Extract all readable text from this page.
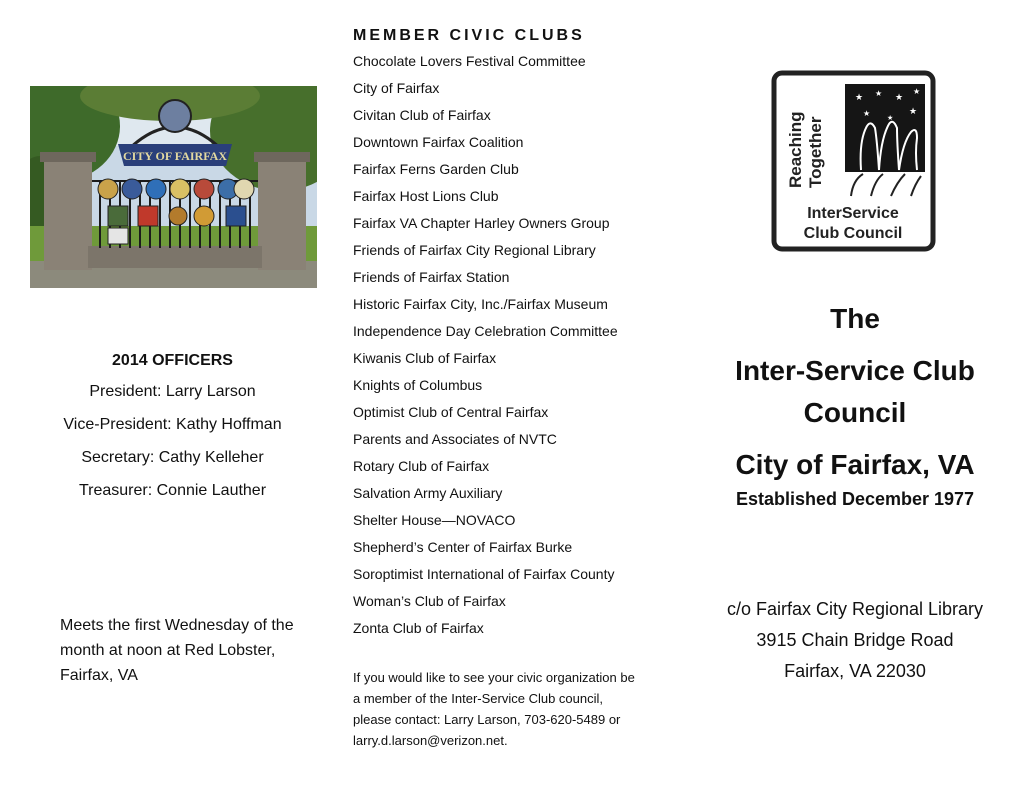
CITY OF FAIRFAX
2014 OFFICERS
President: Larry Larson
Vice-President: Kathy Hoffman
Secretary: Cathy Kelleher
Treasurer: Connie Lauther
Meets the first Wednesday of the
month at noon at Red Lobster,
Fairfax, VA
MEMBER CIVIC CLUBS
Chocolate Lovers Festival Committee
City of Fairfax
Civitan Club of Fairfax
Downtown Fairfax Coalition
Fairfax Ferns Garden Club
Fairfax Host Lions Club
Fairfax VA Chapter Harley Owners Group
Friends of Fairfax City Regional Library
Friends of Fairfax Station
Historic Fairfax City, Inc./Fairfax Museum
Independence Day Celebration Committee
Kiwanis Club of Fairfax
Knights of Columbus
Optimist Club of Central Fairfax
Parents and Associates of NVTC
Rotary Club of Fairfax
Salvation Army Auxiliary
Shelter House—NOVACO
Shepherd’s Center of Fairfax Burke
Soroptimist International of Fairfax County
Woman’s Club of Fairfax
Zonta Club of Fairfax
If you would like to see your civic organization be
a member of the Inter-Service Club council,
please contact: Larry Larson, 703-620-5489 or
larry.d.larson@verizon.net.
★ ★ ★
★
★	★
★
Reaching Together
InterService
Club Council
The
Inter-Service Club
Council
City of Fairfax, VA
Established December 1977
c/o Fairfax City Regional Library
3915 Chain Bridge Road
Fairfax, VA 22030
